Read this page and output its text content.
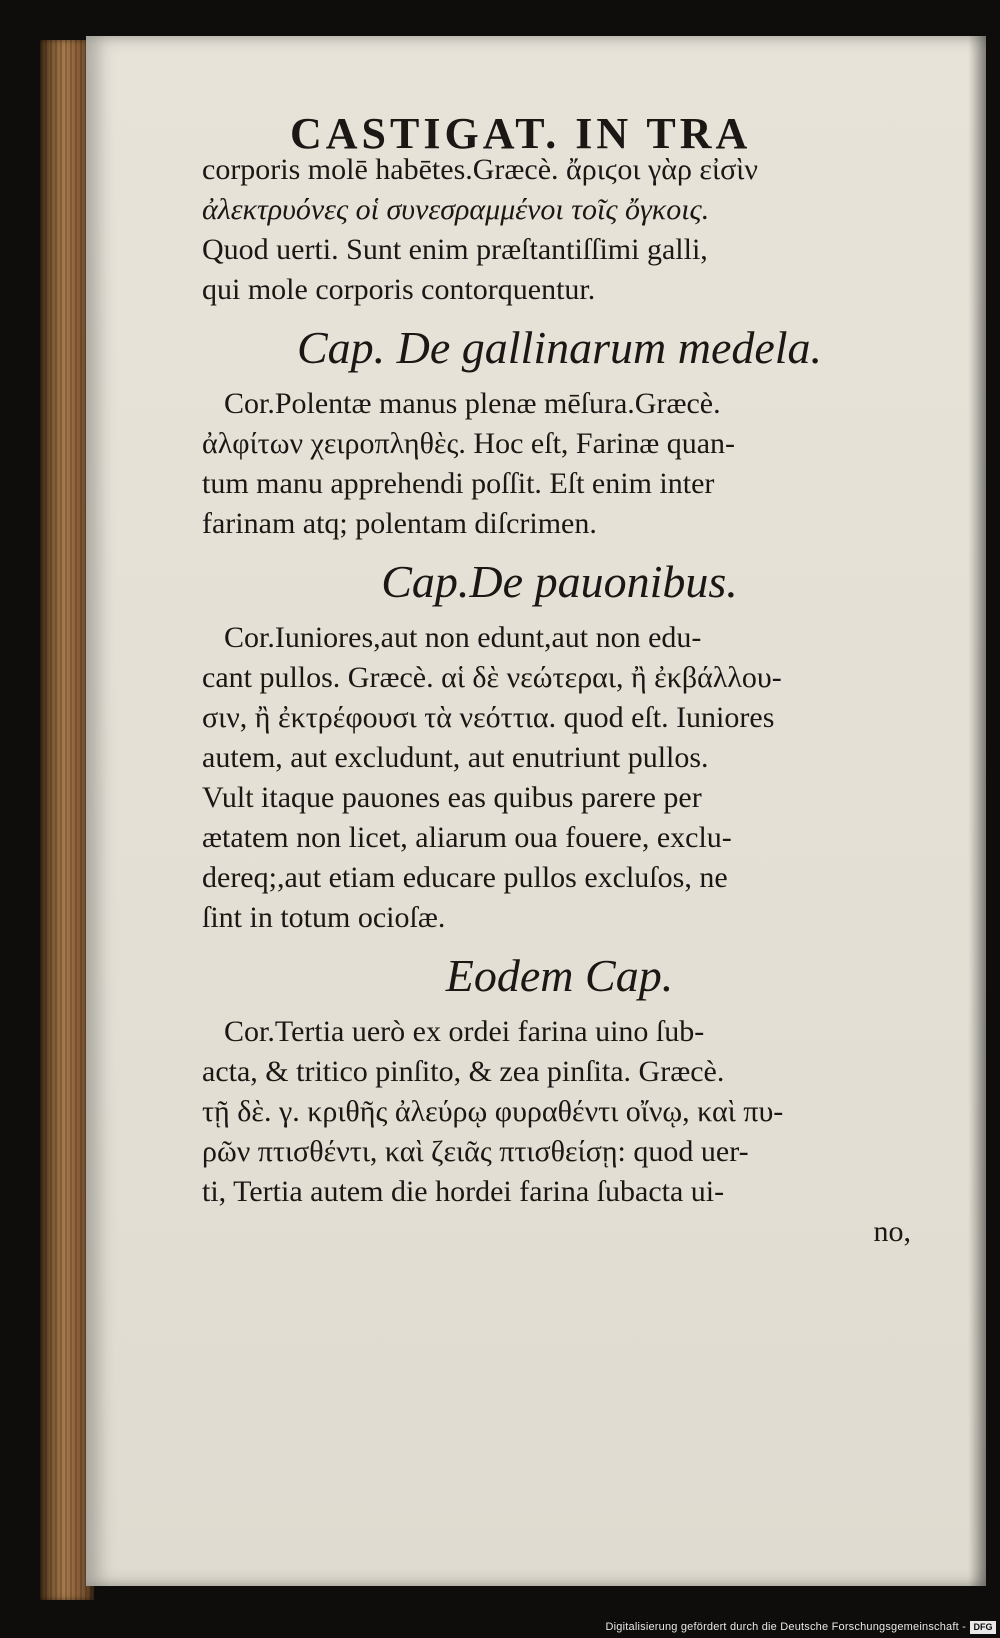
CASTIGAT. IN TRA
corporis molē habētes.Græcè. ἄριϛοι γὰρ εἰσὶν
ἀλεκτρυόνες οἱ συνεσραμμένοι τοῖς ὄγκοις.
Quod uerti. Sunt enim præſtantiſſimi galli,
qui mole corporis contorquentur.
Cap. De gallinarum medela.
Cor.Polentæ manus plenæ mēſura.Græcè.
ἀλφίτων χειροπληθὲς. Hoc eſt, Farinæ quan-
tum manu apprehendi poſſit. Eſt enim inter
farinam atq; polentam diſcrimen.
Cap.De pauonibus.
Cor.Iuniores,aut non edunt,aut non edu-
cant pullos. Græcè. αἱ δὲ νεώτεραι, ἢ ἐκβάλλου-
σιν, ἢ ἐκτρέφουσι τὰ νεόττια. quod eſt. Iuniores
autem, aut excludunt, aut enutriunt pullos.
Vult itaque pauones eas quibus parere per
ætatem non licet, aliarum oua fouere, exclu-
dereq;,aut etiam educare pullos excluſos, ne
ſint in totum ocioſæ.
Eodem Cap.
Cor.Tertia uerò ex ordei farina uino ſub-
acta, & tritico pinſito, & zea pinſita. Græcè.
τῇ δὲ. γ. κριθῆς ἀλεύρῳ φυραθέντι οἴνῳ, καὶ πυ-
ρῶν πτισθέντι, καὶ ζειᾶς πτισθείσῃ: quod uer-
ti, Tertia autem die hordei farina ſubacta ui-
no,
Digitalisierung gefördert durch die Deutsche Forschungsgemeinschaft - DFG
